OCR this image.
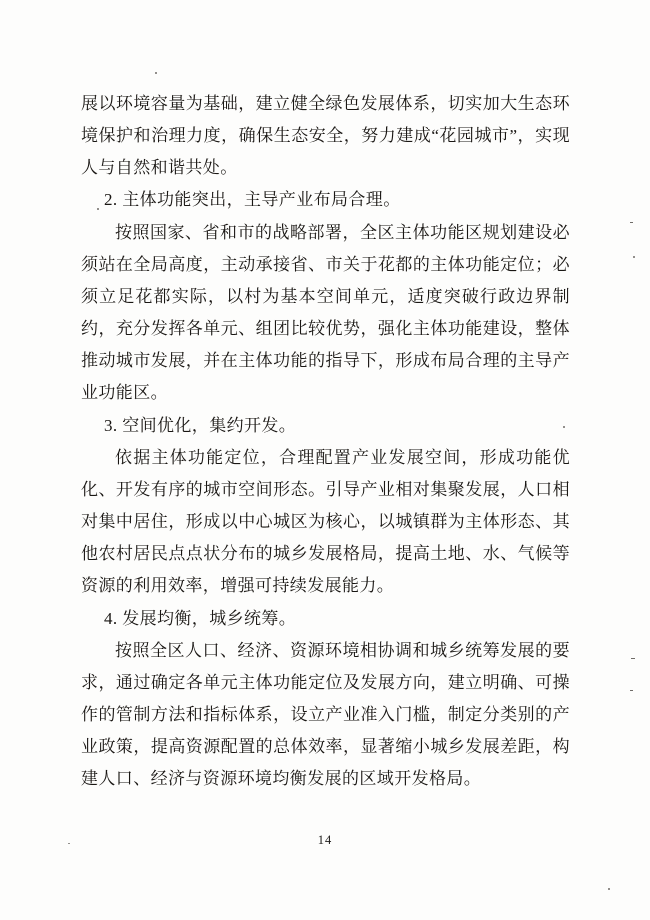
展以环境容量为基础，建立健全绿色发展体系，切实加大生态环境保护和治理力度，确保生态安全，努力建成“花园城市”，实现人与自然和谐共处。

2. 主体功能突出，主导产业布局合理。

按照国家、省和市的战略部署，全区主体功能区规划建设必须站在全局高度，主动承接省、市关于花都的主体功能定位；必须立足花都实际，以村为基本空间单元，适度突破行政边界制约，充分发挥各单元、组团比较优势，强化主体功能建设，整体推动城市发展，并在主体功能的指导下，形成布局合理的主导产业功能区。

3. 空间优化，集约开发。

依据主体功能定位，合理配置产业发展空间，形成功能优化、开发有序的城市空间形态。引导产业相对集聚发展，人口相对集中居住，形成以中心城区为核心，以城镇群为主体形态、其他农村居民点点状分布的城乡发展格局，提高土地、水、气候等资源的利用效率，增强可持续发展能力。

4. 发展均衡，城乡统筹。

按照全区人口、经济、资源环境相协调和城乡统筹发展的要求，通过确定各单元主体功能定位及发展方向，建立明确、可操作的管制方法和指标体系，设立产业准入门槛，制定分类别的产业政策，提高资源配置的总体效率，显著缩小城乡发展差距，构建人口、经济与资源环境均衡发展的区域开发格局。

14
